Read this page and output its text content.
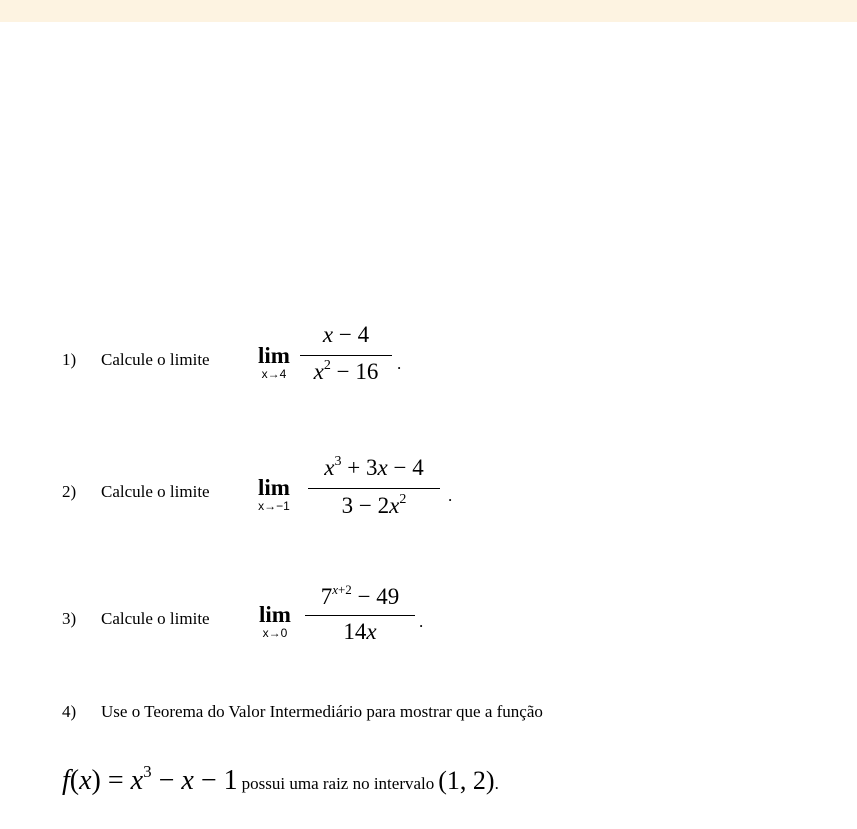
1) Calcule o limite lim
x→4
x − 4
$x^2 - 16$	.
2) Calcule o limite lim
x→−1
$x^3 + 3x - 4$
$3 - 2x^2$	.
3) Calcule o limite lim
x→0
$7^{x+2} - 49$
14x	.
4) Use o Teorema do Valor Intermediário para mostrar que a função
$f(x) = x^3 - x - 1$ possui uma raiz no intervalo (1, 2).
